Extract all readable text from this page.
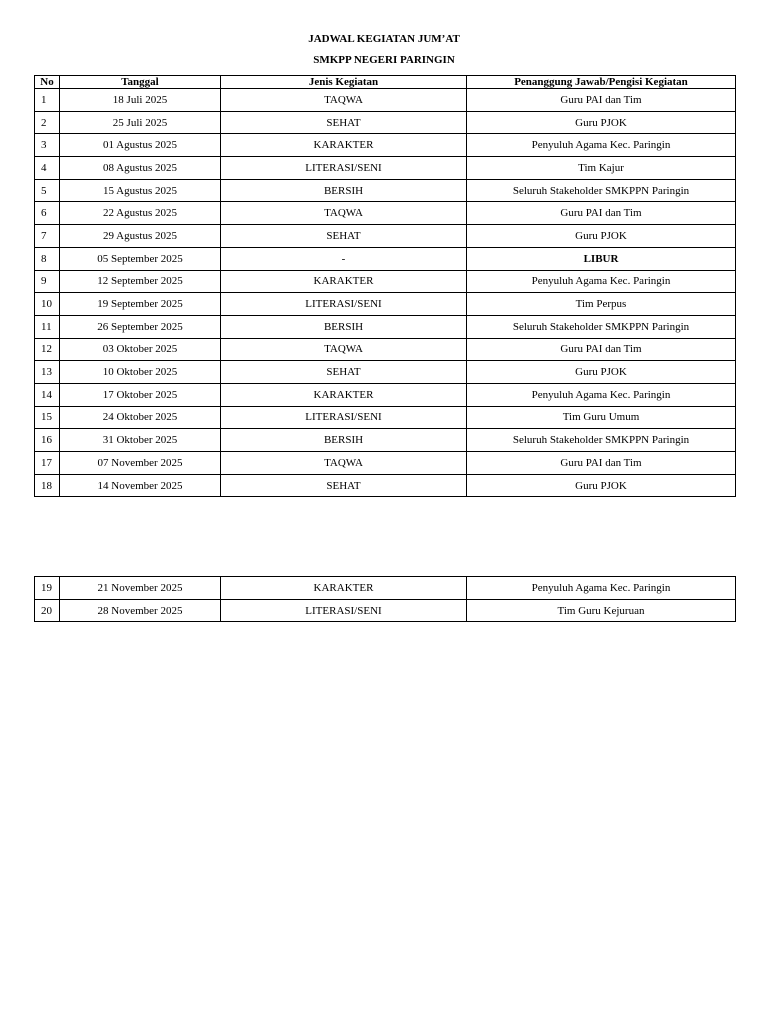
JADWAL KEGIATAN JUM’AT
SMKPP NEGERI PARINGIN
No	Tanggal	Jenis Kegiatan	Penanggung Jawab/Pengisi Kegiatan
1	18 Juli 2025	TAQWA	Guru PAI dan Tim
2	25 Juli 2025	SEHAT	Guru PJOK
3	01 Agustus 2025	KARAKTER	Penyuluh Agama Kec. Paringin
4	08 Agustus 2025	LITERASI/SENI	Tim Kajur
5	15 Agustus 2025	BERSIH	Seluruh Stakeholder SMKPPN Paringin
6	22 Agustus 2025	TAQWA	Guru PAI dan Tim
7	29 Agustus 2025	SEHAT	Guru PJOK
8	05 September 2025	-	LIBUR
9	12 September 2025	KARAKTER	Penyuluh Agama Kec. Paringin
10	19 September 2025	LITERASI/SENI	Tim Perpus
11	26 September 2025	BERSIH	Seluruh Stakeholder SMKPPN Paringin
12	03 Oktober 2025	TAQWA	Guru PAI dan Tim
13	10 Oktober 2025	SEHAT	Guru PJOK
14	17 Oktober 2025	KARAKTER	Penyuluh Agama Kec. Paringin
15	24 Oktober 2025	LITERASI/SENI	Tim Guru Umum
16	31 Oktober 2025	BERSIH	Seluruh Stakeholder SMKPPN Paringin
17	07 November 2025	TAQWA	Guru PAI dan Tim
18	14 November 2025	SEHAT	Guru PJOK
19	21 November 2025	KARAKTER	Penyuluh Agama Kec. Paringin
20	28 November 2025	LITERASI/SENI	Tim Guru Kejuruan
